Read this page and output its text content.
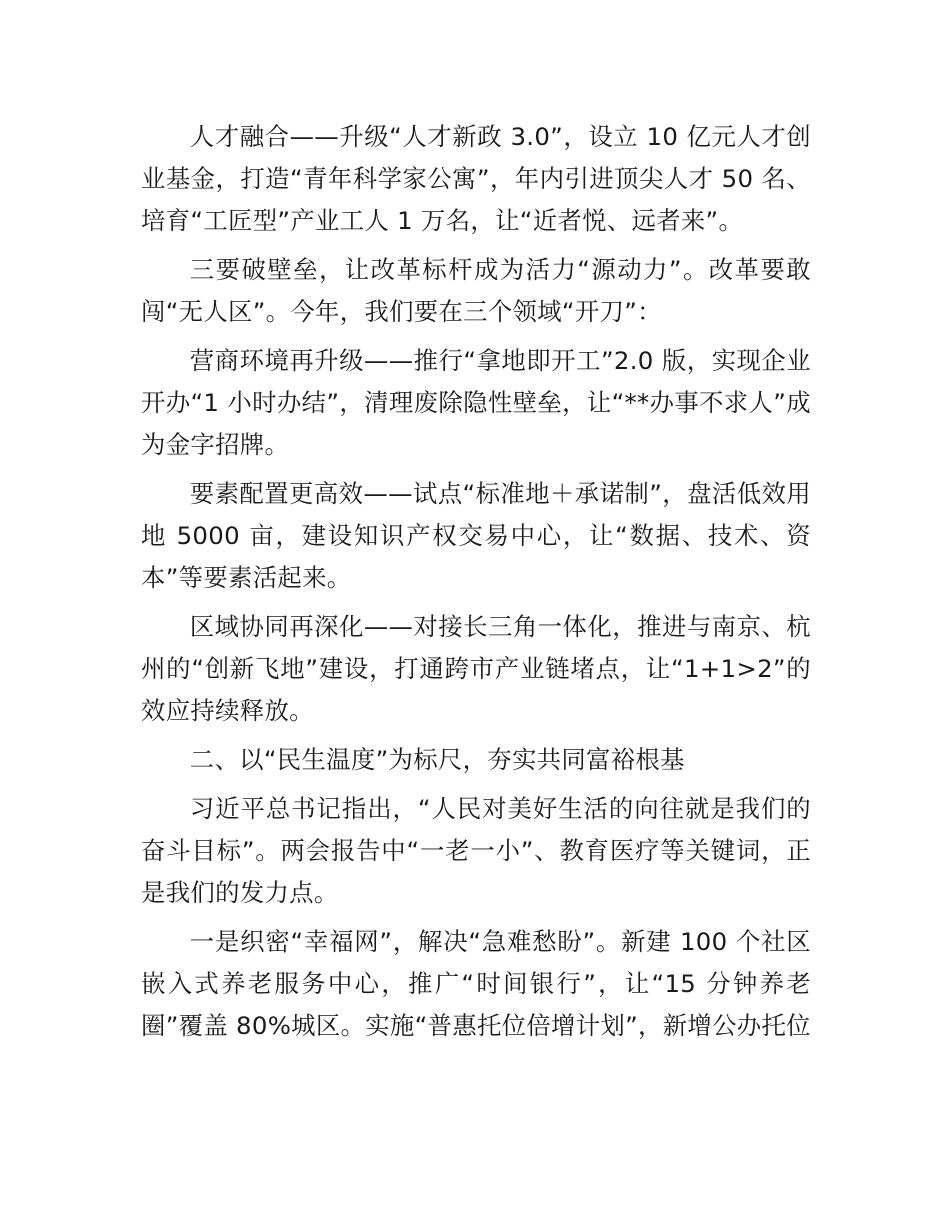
人才融合——升级“人才新政 3.0”，设立 10 亿元人才创业基金，打造“青年科学家公寓”，年内引进顶尖人才 50 名、培育“工匠型”产业工人 1 万名，让“近者悦、远者来”。

三要破壁垒，让改革标杆成为活力“源动力”。改革要敢闯“无人区”。今年，我们要在三个领域“开刀”：

营商环境再升级——推行“拿地即开工”2.0 版，实现企业开办“1 小时办结”，清理废除隐性壁垒，让“**办事不求人”成为金字招牌。

要素配置更高效——试点“标准地＋承诺制”，盘活低效用地 5000 亩，建设知识产权交易中心，让“数据、技术、资本”等要素活起来。

区域协同再深化——对接长三角一体化，推进与南京、杭州的“创新飞地”建设，打通跨市产业链堵点，让“1+1>2”的效应持续释放。

二、以“民生温度”为标尺，夯实共同富裕根基

习近平总书记指出，“人民对美好生活的向往就是我们的奋斗目标”。两会报告中“一老一小”、教育医疗等关键词，正是我们的发力点。

一是织密“幸福网”，解决“急难愁盼”。新建 100 个社区嵌入式养老服务中心，推广“时间银行”，让“15 分钟养老圈”覆盖 80%城区。实施“普惠托位倍增计划”，新增公办托位
